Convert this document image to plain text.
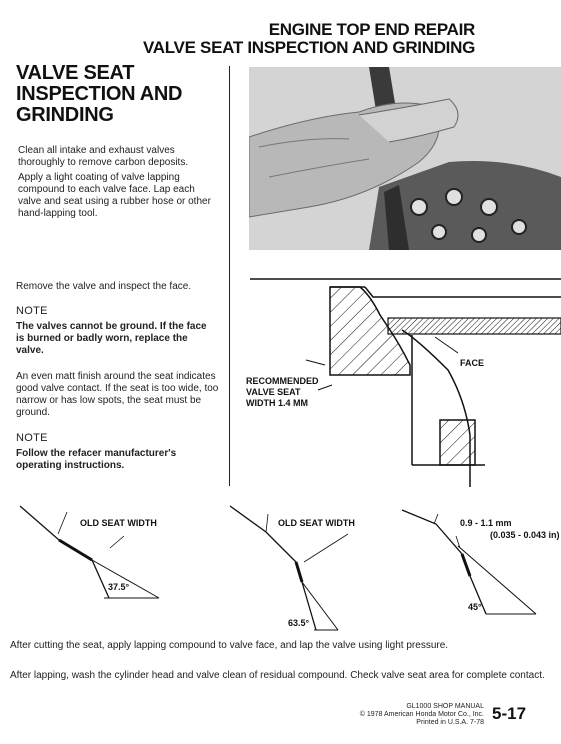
ENGINE TOP END REPAIR
VALVE SEAT INSPECTION AND GRINDING
VALVE SEAT
INSPECTION AND
GRINDING
Clean all intake and exhaust valves thoroughly to remove carbon deposits.
Apply a light coating of valve lapping compound to each valve face. Lap each valve and seat using a rubber hose or other hand-lapping tool.
Remove the valve and inspect the face.
NOTE
The valves cannot be ground. If the face is burned or badly worn, replace the valve.
An even matt finish around the seat indicates good valve contact. If the seat is too wide, too narrow or has low spots, the seat must be ground.
NOTE
Follow the refacer manufacturer's operating instructions.
FACE
RECOMMENDED
VALVE SEAT
WIDTH 1.4 MM
OLD SEAT WIDTH
37.5°
OLD SEAT WIDTH
63.5°
0.9 - 1.1 mm
(0.035 - 0.043 in)
45°
After cutting the seat, apply lapping compound to valve face, and lap the valve using light pressure.
After lapping, wash the cylinder head and valve clean of residual compound. Check valve seat area for complete contact.
GL1000 SHOP MANUAL
© 1978 American Honda Motor Co., Inc.
Printed in U.S.A. 7-78 5-17
